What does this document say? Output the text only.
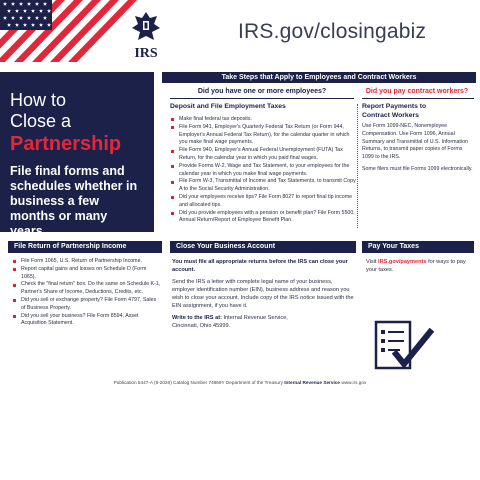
IRS
IRS.gov/closingabiz
How to
Close a
Partnership
File final forms and schedules whether in business a few months or many years.
Take Steps that Apply to Employees and Contract Workers
Did you have one or more employees?	Did you pay contract workers?
Deposit and File Employment Taxes
Make final federal tax deposits.
File Form 941, Employer's Quarterly Federal Tax Return (or Form 944, Employer's Annual Federal Tax Return), for the calendar quarter in which you make final wage payments.
File Form 940, Employer's Annual Federal Unemployment (FUTA) Tax Return, for the calendar year in which you paid final wages.
Provide Forms W-2, Wage and Tax Statement, to your employees for the calendar year in which you make final wage payments.
File Form W-3, Transmittal of Income and Tax Statements, to transmit Copy A to the Social Security Administration.
Did your employees receive tips? File Form 8027 to report final tip income and allocated tips.
Did you provide employees with a pension or benefit plan? File Form 5500, Annual Return/Report of Employee Benefit Plan.
Report Payments to
Contract Workers

Use Form 1099-NEC, Nonemployee Compensation. Use Form 1096, Annual Summary and Transmittal of U.S. Information Returns, to transmit paper copies of Forms 1099 to the IRS.

Some filers must file Forms 1099 electronically.

File Return of Partnership Income	Close Your Business Account	Pay Your Taxes
File Form 1065, U.S. Return of Partnership Income.
Report capital gains and losses on Schedule D (Form 1065).
Check the "final return" box. Do the same on Schedule K-1, Partner's Share of Income, Deductions, Credits, etc.
Did you sell or exchange property? File Form 4797, Sales of Business Property.
Did you sell your business? File Form 8594, Asset Acquisition Statement.

You must file all appropriate returns before the IRS can close your account.

Send the IRS a letter with complete legal name of your business, employer identification number (EIN), business address and reason you wish to close your account. Include copy of the IRS notice issued with the EIN assignment, if you have it.

Write to the IRS at: Internal Revenue Service,
Cincinnati, Ohio 45999.

Visit IRS.gov/payments for ways to pay your taxes.

Publication 5447-A (8-2020) Catalog Number 74869Y Department of the Treasury Internal Revenue Service www.irs.gov
